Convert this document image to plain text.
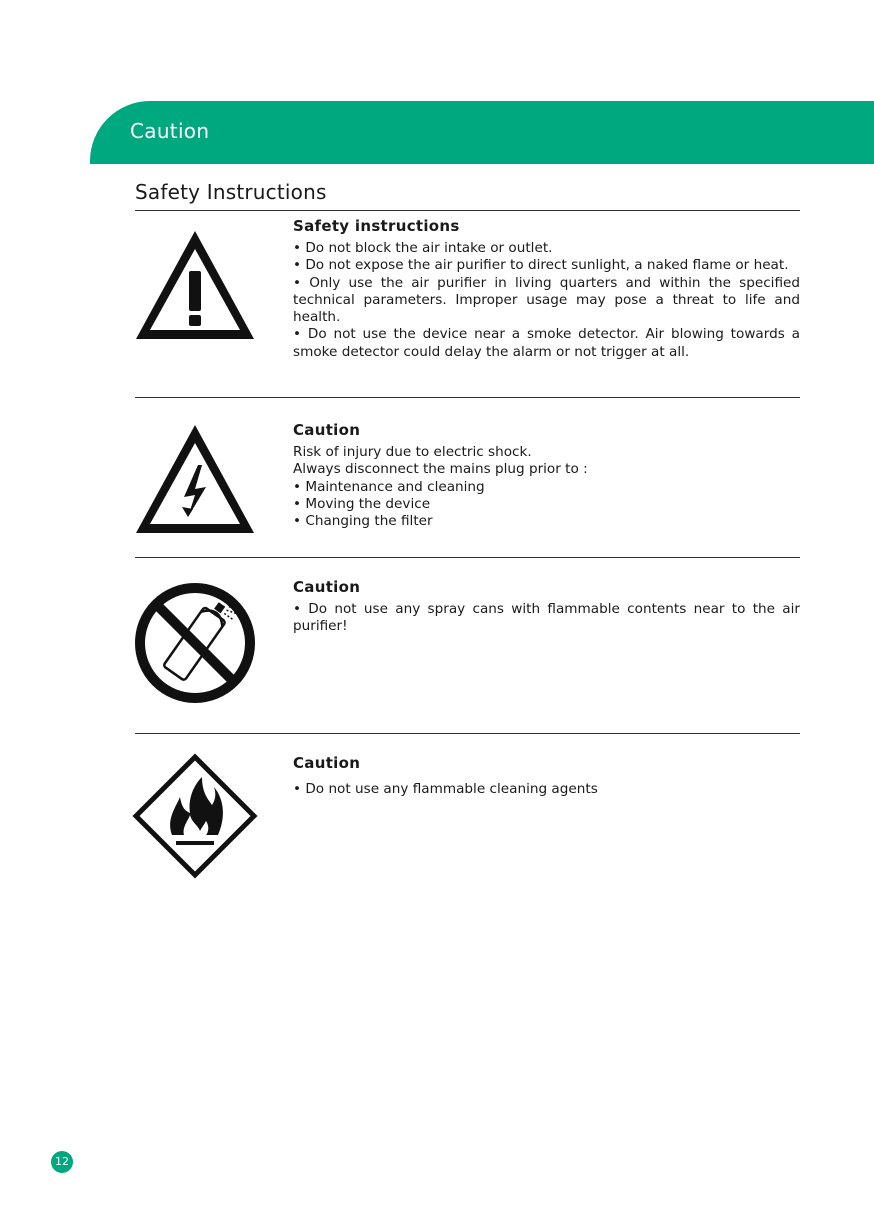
Caution
Safety Instructions
Safety instructions

• Do not block the air intake or outlet.

• Do not expose the air purifier to direct sunlight, a naked flame or heat.

• Only use the air purifier in living quarters and within the specified technical parameters. Improper usage may pose a threat to life and health.

• Do not use the device near a smoke detector. Air blowing towards a smoke detector could delay the alarm or not trigger at all.

Caution

Risk of injury due to electric shock.

Always disconnect the mains plug prior to :

• Maintenance and cleaning

• Moving the device

• Changing the filter

Caution

• Do not use any spray cans with flammable contents near to the air purifier!

Caution

• Do not use any flammable cleaning agents

12
